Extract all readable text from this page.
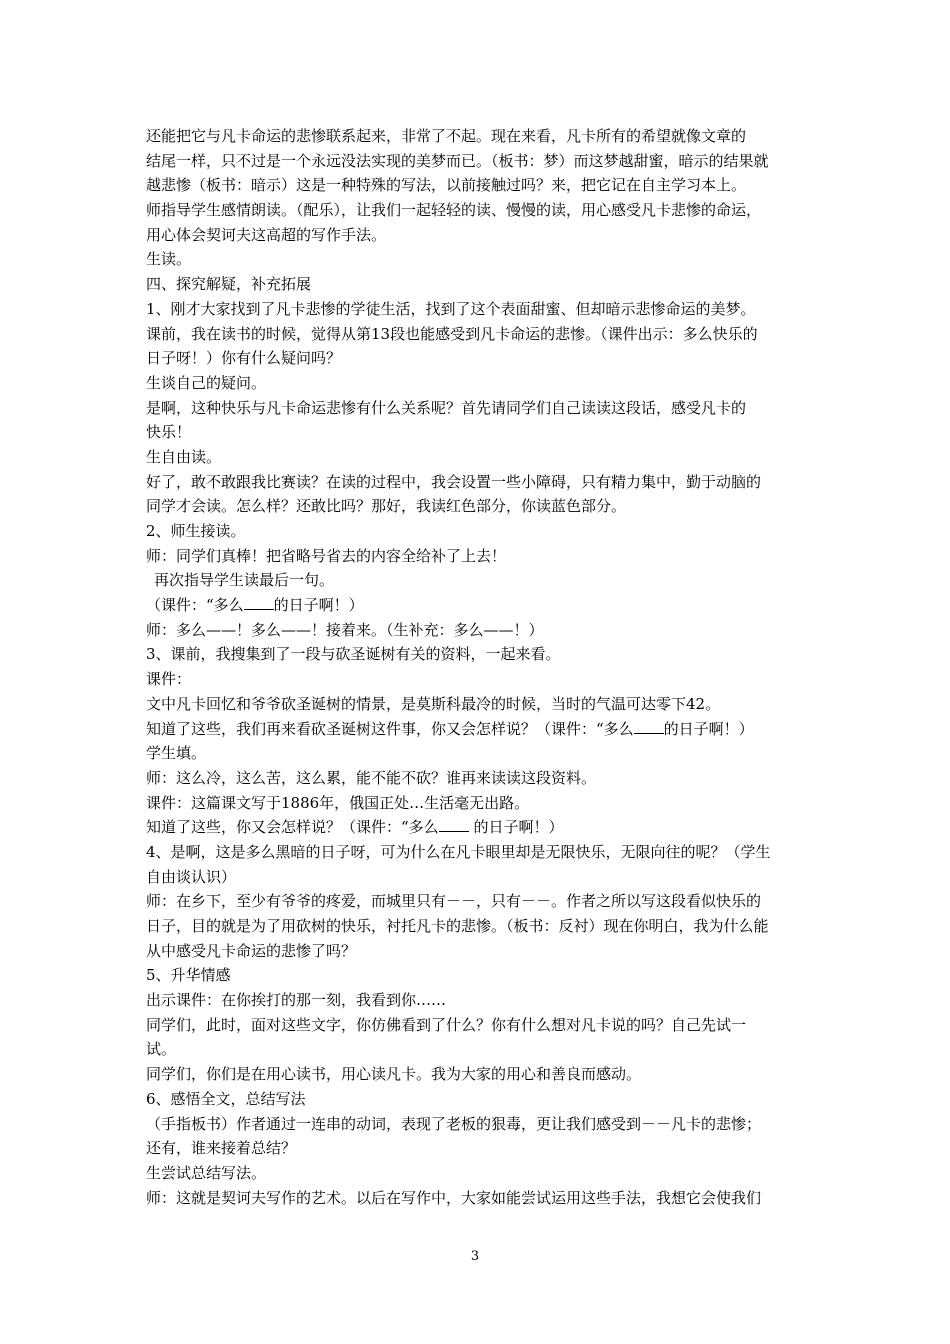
还能把它与凡卡命运的悲惨联系起来，非常了不起。现在来看，凡卡所有的希望就像文章的
结尾一样，只不过是一个永远没法实现的美梦而已。（板书：梦）而这梦越甜蜜，暗示的结果就
越悲惨（板书：暗示）这是一种特殊的写法，以前接触过吗？来，把它记在自主学习本上。
师指导学生感情朗读。（配乐），让我们一起轻轻的读、慢慢的读，用心感受凡卡悲惨的命运，
用心体会契诃夫这高超的写作手法。
生读。
四、探究解疑，补充拓展
1、刚才大家找到了凡卡悲惨的学徒生活，找到了这个表面甜蜜、但却暗示悲惨命运的美梦。
课前，我在读书的时候，觉得从第13段也能感受到凡卡命运的悲惨。（课件出示：多么快乐的
日子呀！）你有什么疑问吗？
生谈自己的疑问。
是啊，这种快乐与凡卡命运悲惨有什么关系呢？首先请同学们自己读读这段话，感受凡卡的
快乐！
生自由读。
好了，敢不敢跟我比赛读？在读的过程中，我会设置一些小障碍，只有精力集中，勤于动脑的
同学才会读。怎么样？还敢比吗？那好，我读红色部分，你读蓝色部分。
2、师生接读。
师：同学们真棒！把省略号省去的内容全给补了上去！
再次指导学生读最后一句。
（课件：“多么 的日子啊！）
师：多么——！多么——！接着来。（生补充：多么——！）
3、课前，我搜集到了一段与砍圣诞树有关的资料，一起来看。
课件：
文中凡卡回忆和爷爷砍圣诞树的情景，是莫斯科最冷的时候，当时的气温可达零下42。
知道了这些，我们再来看砍圣诞树这件事，你又会怎样说？（课件：“多么 的日子啊！）
学生填。
师：这么冷，这么苦，这么累，能不能不砍？谁再来读读这段资料。
课件：这篇课文写于1886年，俄国正处…生活毫无出路。
知道了这些，你又会怎样说？（课件：“多么 的日子啊！）
4、是啊，这是多么黑暗的日子呀，可为什么在凡卡眼里却是无限快乐，无限向往的呢？（学生
自由谈认识）
师：在乡下，至少有爷爷的疼爱，而城里只有－－，只有－－。作者之所以写这段看似快乐的
日子，目的就是为了用砍树的快乐，衬托凡卡的悲惨。（板书：反衬）现在你明白，我为什么能
从中感受凡卡命运的悲惨了吗？
5、升华情感
出示课件：在你挨打的那一刻，我看到你……
同学们，此时，面对这些文字，你仿佛看到了什么？你有什么想对凡卡说的吗？自己先试一
试。
同学们，你们是在用心读书，用心读凡卡。我为大家的用心和善良而感动。
6、感悟全文，总结写法
（手指板书）作者通过一连串的动词，表现了老板的狠毒，更让我们感受到－－凡卡的悲惨；
还有，谁来接着总结？
生尝试总结写法。
师：这就是契诃夫写作的艺术。以后在写作中，大家如能尝试运用这些手法，我想它会使我们
3
